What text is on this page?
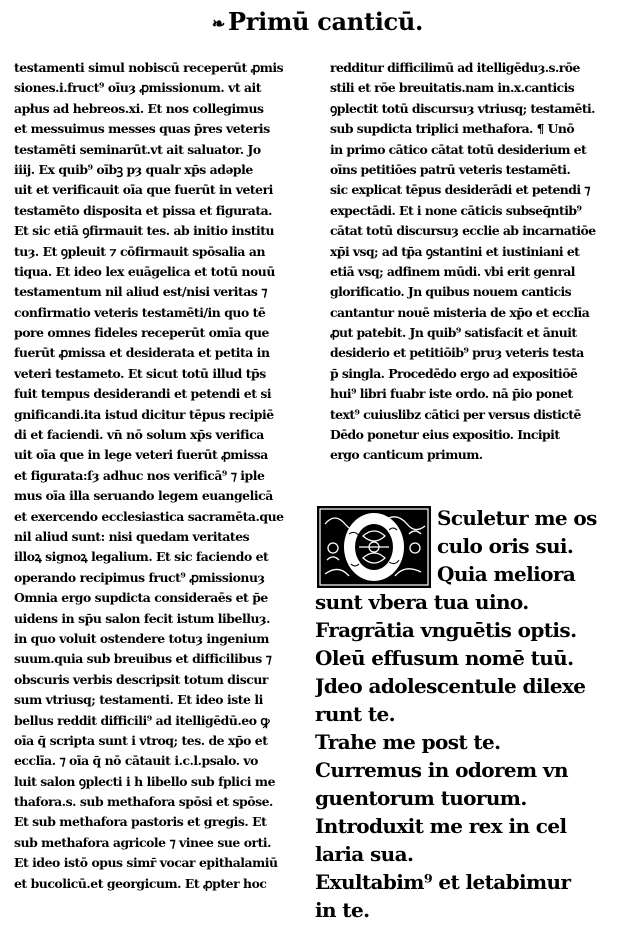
❧ Primū canticū.
testamenti simul nobiscū receperūt ꝓmis
siones.i.fruct⁹ oīuȝ ꝓmissionum. vt ait
apłus ad hebreos.xi. Et nos collegimus
et messuimus messes quas p̄res veteris
testamēti seminarūt.vt ait saluator. Jo
iiij. Ex quib⁹ oībꝫ pȝ qualr xp̄s adǝple
uit et verificauit oīa que fuerūt in veteri
testamēto disposita et pissa et figurata.
Et sic etiā ꝯfirmauit tes. ab initio institu
tuȝ. Et ꝯpleuit ⁊ cōfirmauit spōsalia an
tiqua. Et ideo lex euāgelica et totū nouū
testamentum nil aliud est/nisi veritas ⁊
confirmatio veteris testamēti/in quo tē
pore omnes fideles receperūt omīa que
fuerūt ꝓmissa et desiderata et petita in
veteri testameto. Et sicut totū illud tp̄s
fuit tempus desiderandi et petendi et si
gnificandi.ita istud dicitur tēpus recipiē
di et faciendi. vn̄ nō solum xp̄s verifica
uit oīa que in lege veteri fuerūt ꝓmissa
et figurata:ſȝ adhuc nos verificā⁹ ⁊ iple
mus oīa illa seruando legem euangelicā
et exercendo ecclesiastica sacramēta.que
nil aliud sunt: nisi quedam veritates
illoꝝ signoꝝ legalium. Et sic faciendo et
operando recipimus fruct⁹ ꝓmissionuȝ
Omnia ergo supdicta consideraēs et p̄e
uidens in sp̄u salon fecit istum libelluȝ.
in quo voluit ostendere totuȝ ingenium
suum.quia sub breuibus et difficilibus ⁊
obscuris verbis descripsit totum discur
sum vtriusq; testamenti. Et ideo iste li
bellus reddit difficili⁹ ad itelligēdū.eo ꝙ
oīa q̄ scripta sunt i vtroq; tes. de xp̄o et
ecclīa. ⁊ oīa q̄ nō cātauit i.c.l.psalo. vo
luit salon ꝯplecti i h libello sub fplici me
thafora.s. sub methafora spōsi et spōse.
Et sub methafora pastoris et gregis. Et
sub methafora agricole ⁊ vinee sue orti.
Et ideo istō opus simr̄ vocar epithalamiū
et bucolicū.et georgicum. Et ꝓpter hoc
redditur difficilimū ad itelligēduȝ.s.rōe
stili et rōe breuitatis.nam in.x.canticis
ꝯplectit totū discursuȝ vtriusq; testamēti.
sub supdicta triplici methafora. ¶ Unō
in primo cātico cātat totū desiderium et
oīns petitiōes patrū veteris testamēti.
sic explicat tēpus desiderādi et petendi ⁊
expectādi. Et i none cāticis subseq̄ntib⁹
cātat totū discursuȝ ecclie ab incarnatiōe
xp̄i vsq; ad tp̄a ꝯstantini et iustiniani et
etiā vsq; adfinem mūdi. vbi erit genral
glorificatio. Jn quibus nouem canticis
cantantur nouē misteria de xp̄o et ecclīa
ꝓut patebit. Jn quib⁹ satisfacit et ānuit
desiderio et petitiōib⁹ pruȝ veteris testa
p̄ singla. Procedēdo ergo ad expositiōē
hui⁹ libri fuabr iste ordo. nā p̄io ponet
text⁹ cuiuslibz cātici per versus distictē
Dēdo ponetur eius expositio. Incipit
ergo canticum primum.
Sculetur me os
culo oris sui.
Quia meliora
sunt vbera tua uino.
Fragrātia vnguētis optis.
Oleū effusum nomē tuū.
Jdeo adolescentule dilexe
runt te.
Trahe me post te.
Curremus in odorem vn
guentorum tuorum.
Introduxit me rex in cel
laria sua.
Exultabim⁹ et letabimur
in te.
